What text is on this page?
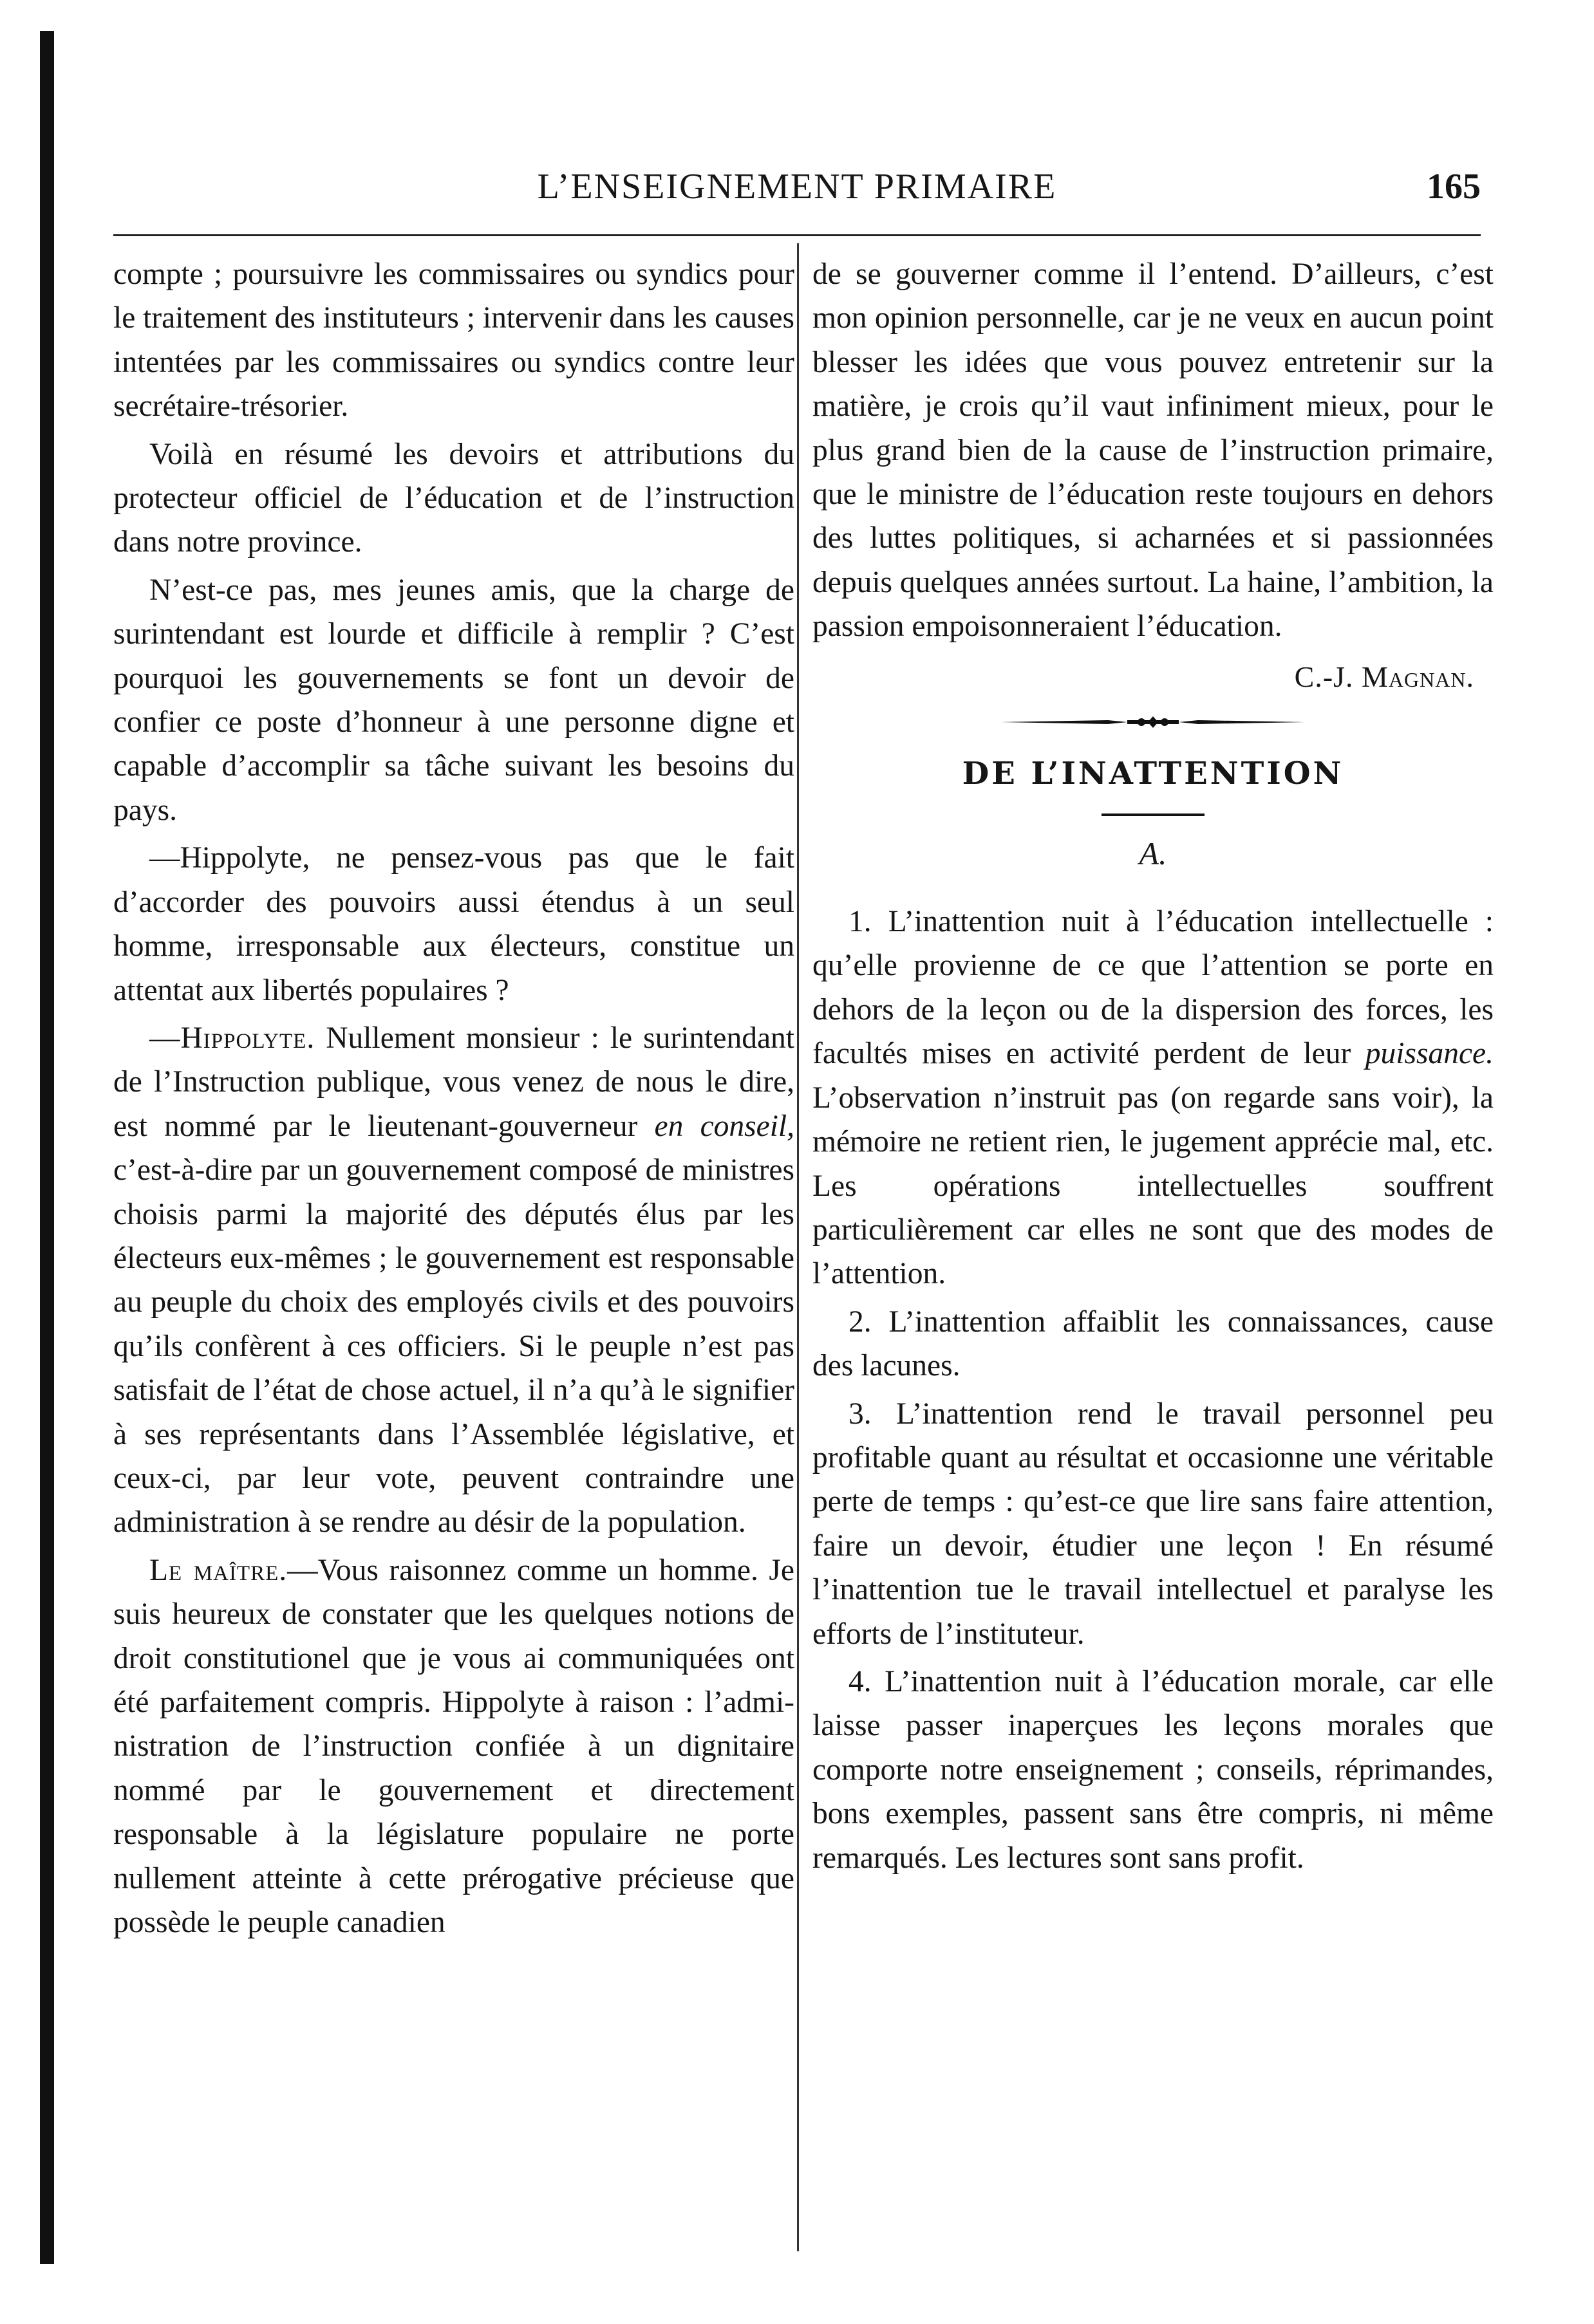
L’ENSEIGNEMENT PRIMAIRE	165

compte ; poursuivre les commissaires ou syndics pour le traitement des instituteurs ; intervenir dans les causes intentées par les commissaires ou syndics contre leur secrétaire-trésorier.

Voilà en résumé les devoirs et attributions du protecteur officiel de l’éducation et de l’instruction dans notre province.

N’est-ce pas, mes jeunes amis, que la charge de surintendant est lourde et difficile à remplir ? C’est pourquoi les gouvernements se font un devoir de confier ce poste d’honneur à une personne digne et capable d’accomplir sa tâche suivant les besoins du pays.

—Hippolyte, ne pensez-vous pas que le fait d’accorder des pouvoirs aussi étendus à un seul homme, irresponsable aux électeurs, constitue un attentat aux libertés populaires ?

—Hippolyte. Nullement monsieur : le surintendant de l’Instruction publique, vous venez de nous le dire, est nommé par le lieutenant-gouverneur en conseil, c’est-à-dire par un gouvernement composé de ministres choisis parmi la majorité des députés élus par les électeurs eux-mêmes ; le gouvernement est responsable au peuple du choix des employés civils et des pouvoirs qu’ils confèrent à ces officiers. Si le peuple n’est pas satisfait de l’état de chose actuel, il n’a qu’à le signifier à ses représentants dans l’Assemblée législative, et ceux-ci, par leur vote, peuvent contraindre une administration à se rendre au désir de la population.

Le maître.—Vous raisonnez comme un homme. Je suis heureux de constater que les quelques notions de droit constitutionel que je vous ai communiquées ont été parfaitement compris. Hippolyte à raison : l’administration de l’instruction confiée à un dignitaire nommé par le gouvernement et directement responsable à la législature populaire ne porte nullement atteinte à cette prérogative précieuse que possède le peuple canadien

de se gouverner comme il l’entend. D’ailleurs, c’est mon opinion personnelle, car je ne veux en aucun point blesser les idées que vous pouvez entretenir sur la matière, je crois qu’il vaut infiniment mieux, pour le plus grand bien de la cause de l’instruction primaire, que le ministre de l’éducation reste toujours en dehors des luttes politiques, si acharnées et si passionnées depuis quelques années surtout. La haine, l’ambition, la passion empoisonneraient l’éducation.

C.-J. Magnan.
DE L’INATTENTION
A.

1. L’inattention nuit à l’éducation intellectuelle : qu’elle provienne de ce que l’attention se porte en dehors de la leçon ou de la dispersion des forces, les facultés mises en activité perdent de leur puissance. L’observation n’instruit pas (on regarde sans voir), la mémoire ne retient rien, le jugement apprécie mal, etc. Les opérations intellectuelles souffrent particulièrement car elles ne sont que des modes de l’attention.

2. L’inattention affaiblit les connaissances, cause des lacunes.

3. L’inattention rend le travail personnel peu profitable quant au résultat et occasionne une véritable perte de temps : qu’est-ce que lire sans faire attention, faire un devoir, étudier une leçon ! En résumé l’inattention tue le travail intellectuel et paralyse les efforts de l’instituteur.

4. L’inattention nuit à l’éducation morale, car elle laisse passer inaperçues les leçons morales que comporte notre enseignement ; conseils, réprimandes, bons exemples, passent sans être compris, ni même remarqués. Les lectures sont sans profit.
